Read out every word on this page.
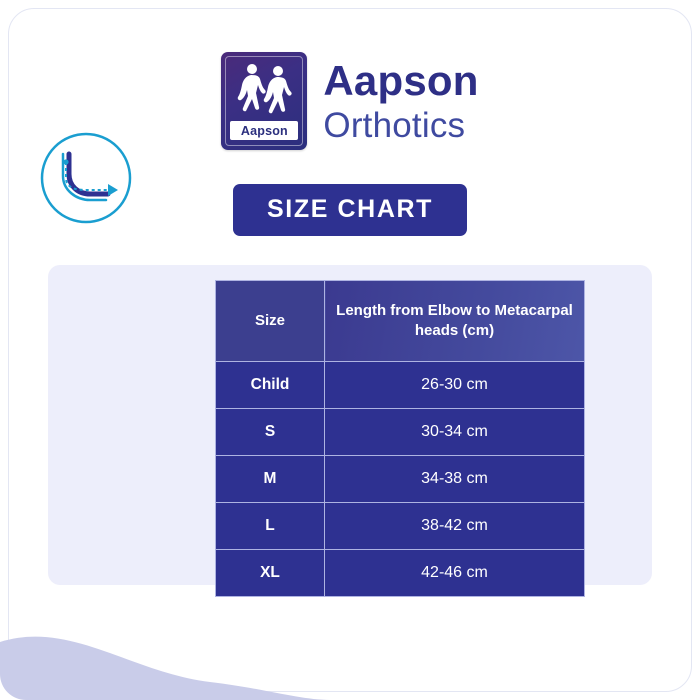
Aapson
Aapson
Orthotics
SIZE CHART
Size	Length from Elbow to Metacarpal heads (cm)
Child	26-30 cm
S	30-34 cm
M	34-38 cm
L	38-42 cm
XL	42-46 cm
